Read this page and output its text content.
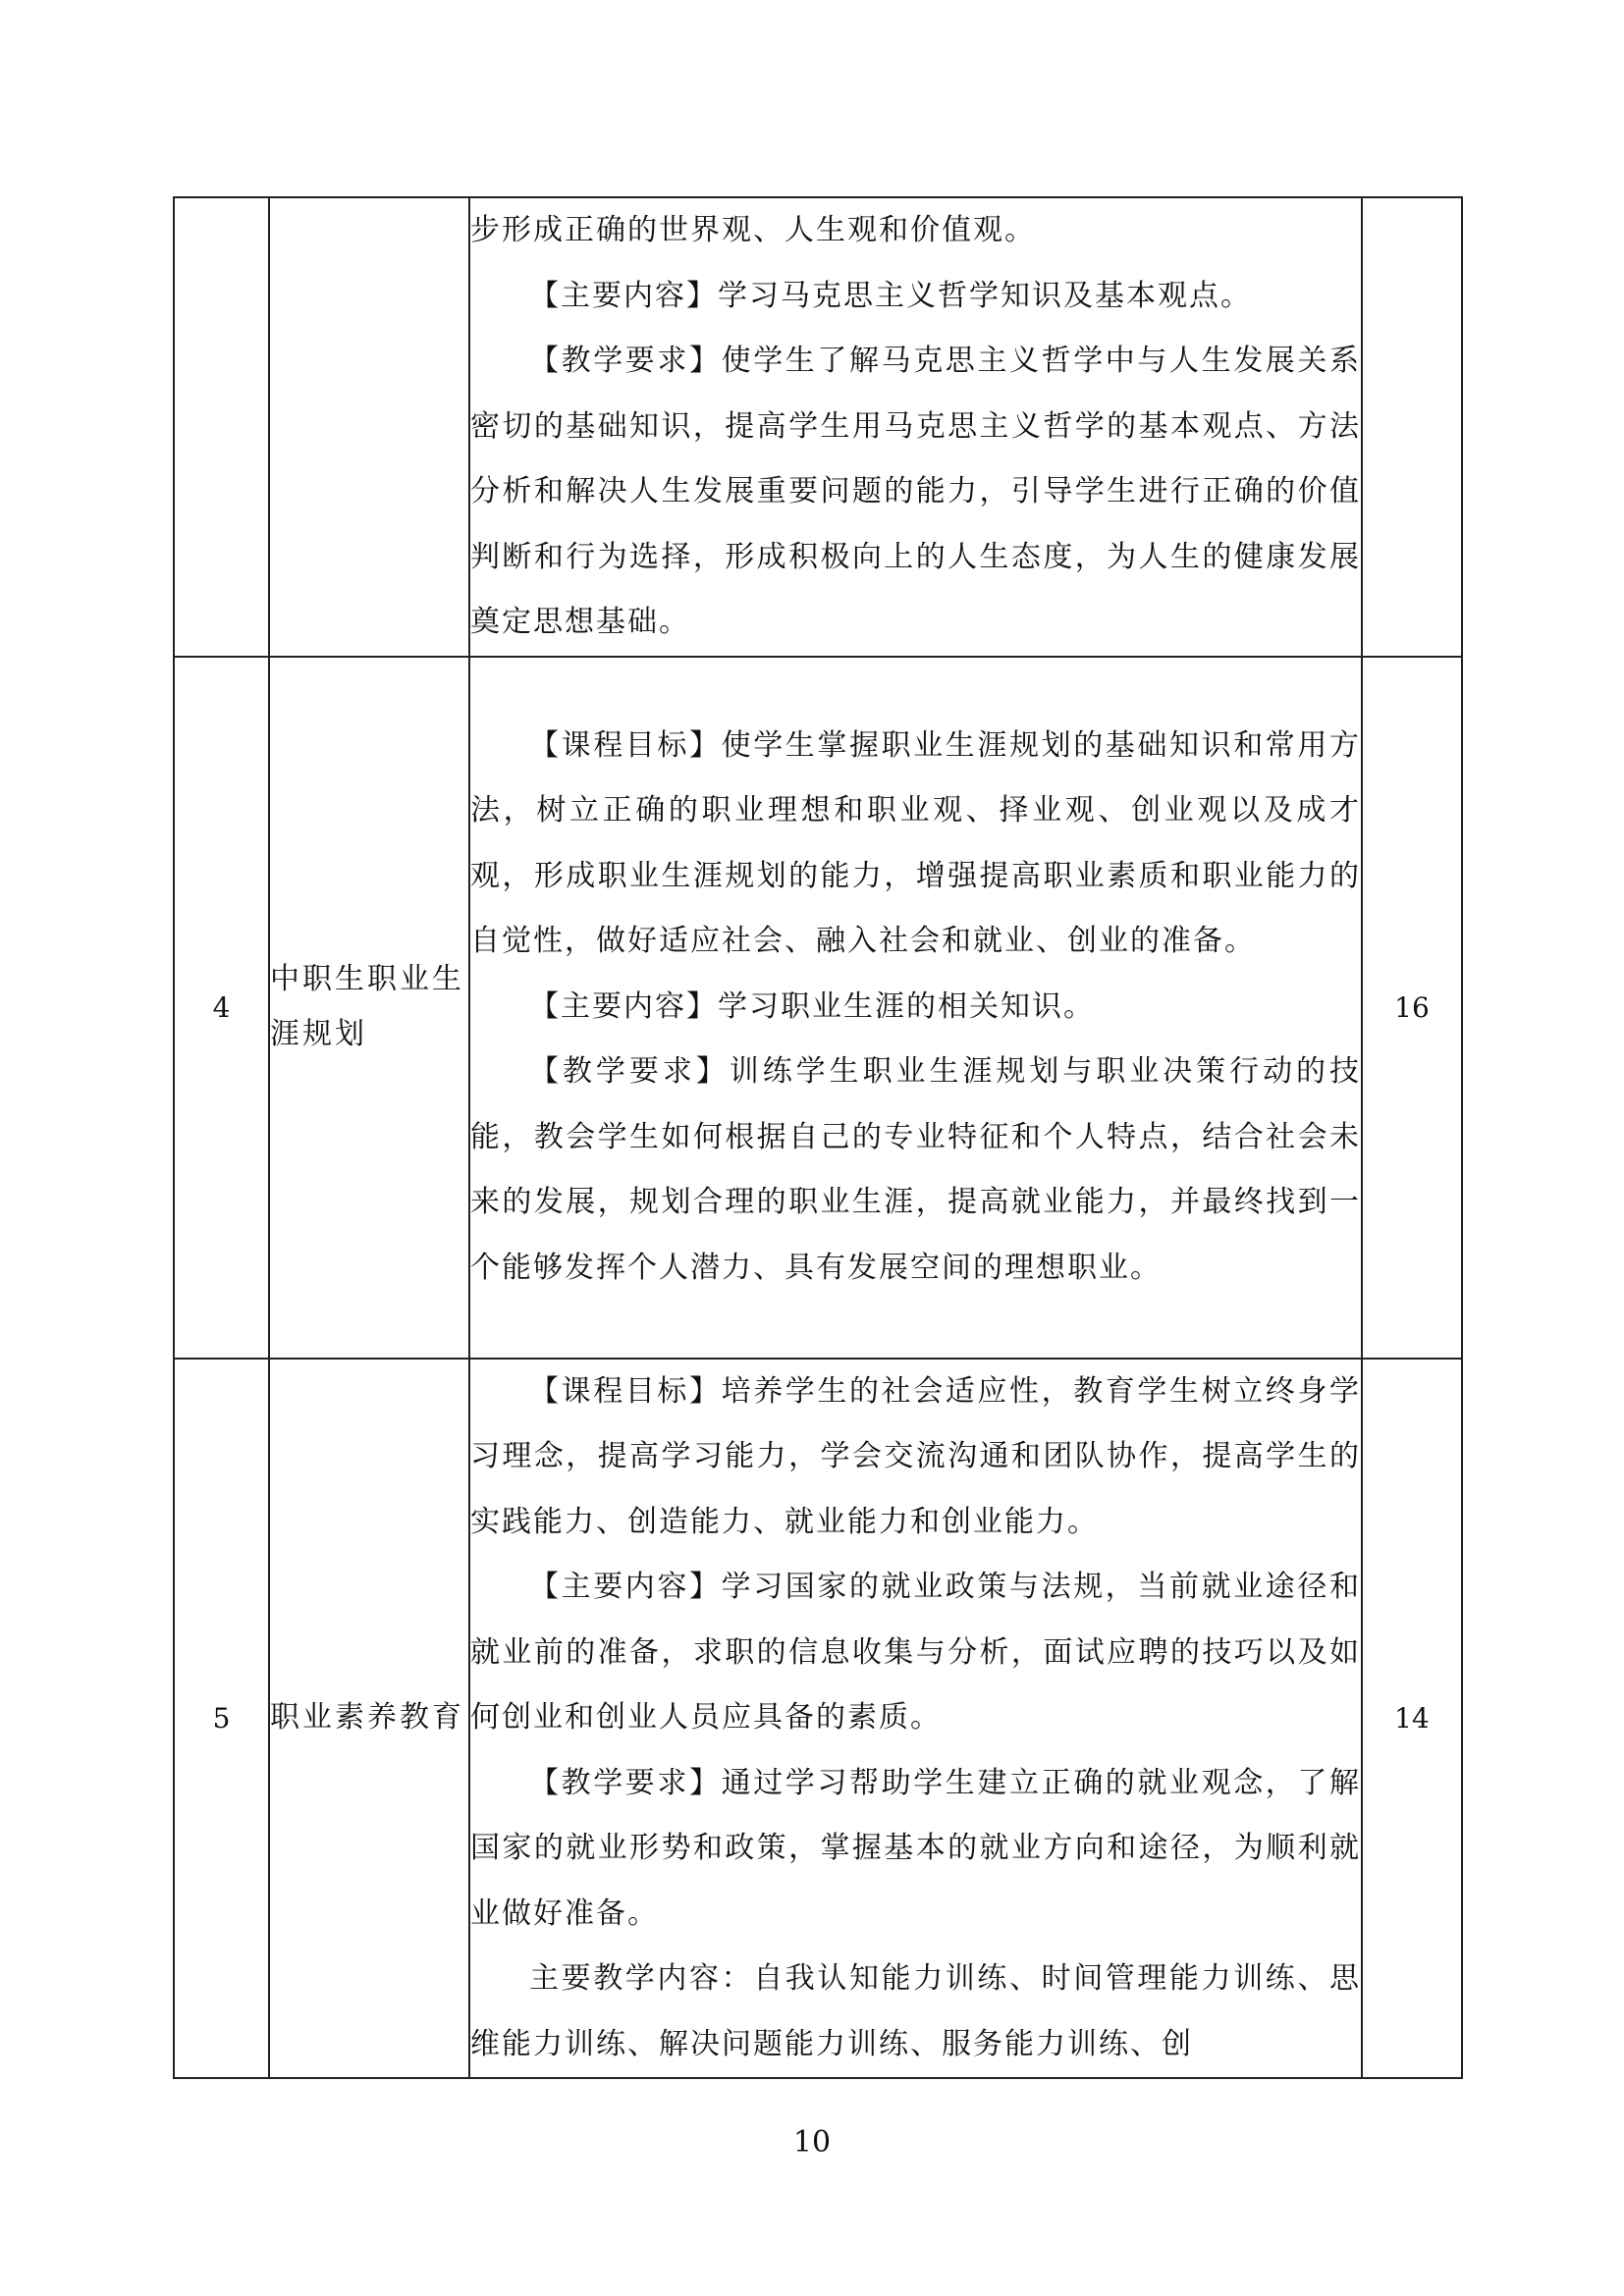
		步形成正确的世界观、人生观和价值观。

【主要内容】学习马克思主义哲学知识及基本观点。

【教学要求】使学生了解马克思主义哲学中与人生发展关系密切的基础知识，提高学生用马克思主义哲学的基本观点、方法分析和解决人生发展重要问题的能力，引导学生进行正确的价值判断和行为选择，形成积极向上的人生态度，为人生的健康发展奠定思想基础。	

4	中职生职业生涯规划	【课程目标】使学生掌握职业生涯规划的基础知识和常用方法，树立正确的职业理想和职业观、择业观、创业观以及成才观，形成职业生涯规划的能力，增强提高职业素质和职业能力的自觉性，做好适应社会、融入社会和就业、创业的准备。

【主要内容】学习职业生涯的相关知识。

【教学要求】训练学生职业生涯规划与职业决策行动的技能，教会学生如何根据自己的专业特征和个人特点，结合社会未来的发展，规划合理的职业生涯，提高就业能力，并最终找到一个能够发挥个人潜力、具有发展空间的理想职业。	16
5	职业素养教育	【课程目标】培养学生的社会适应性，教育学生树立终身学习理念，提高学习能力，学会交流沟通和团队协作，提高学生的实践能力、创造能力、就业能力和创业能力。

【主要内容】学习国家的就业政策与法规，当前就业途径和就业前的准备，求职的信息收集与分析，面试应聘的技巧以及如何创业和创业人员应具备的素质。

【教学要求】通过学习帮助学生建立正确的就业观念，了解国家的就业形势和政策，掌握基本的就业方向和途径，为顺利就业做好准备。

主要教学内容：自我认知能力训练、时间管理能力训练、思维能力训练、解决问题能力训练、服务能力训练、创	14
10
